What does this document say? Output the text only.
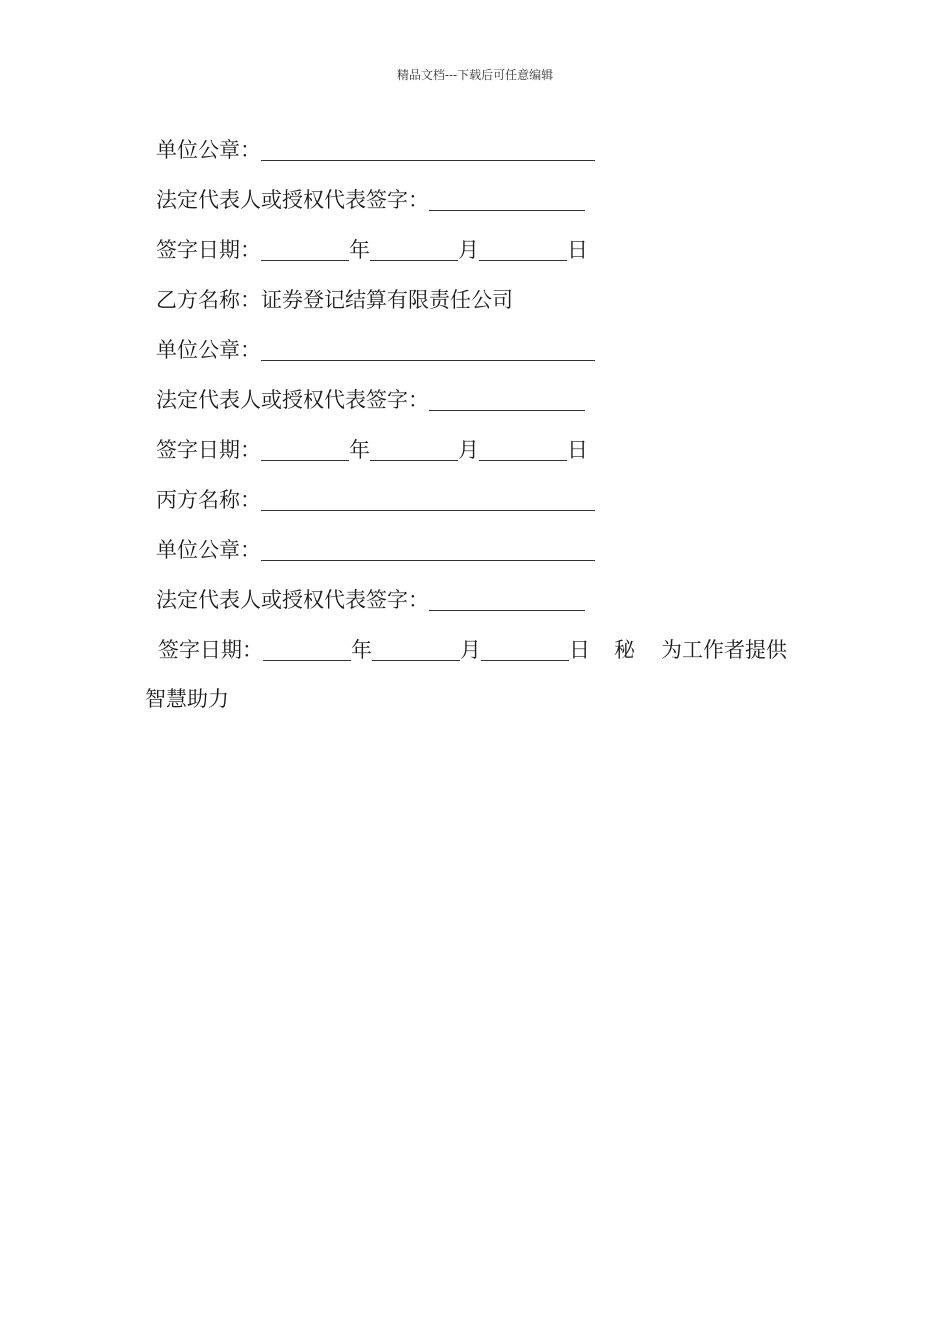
精品文档---下载后可任意编辑
单位公章：
法定代表人或授权代表签字：
签字日期：	年	月	日
乙方名称：证券登记结算有限责任公司
单位公章：
法定代表人或授权代表签字：
签字日期：	年	月	日
丙方名称：
单位公章：
法定代表人或授权代表签字：
签字日期：	年	月	日 秘 为工作者提供
智慧助力
